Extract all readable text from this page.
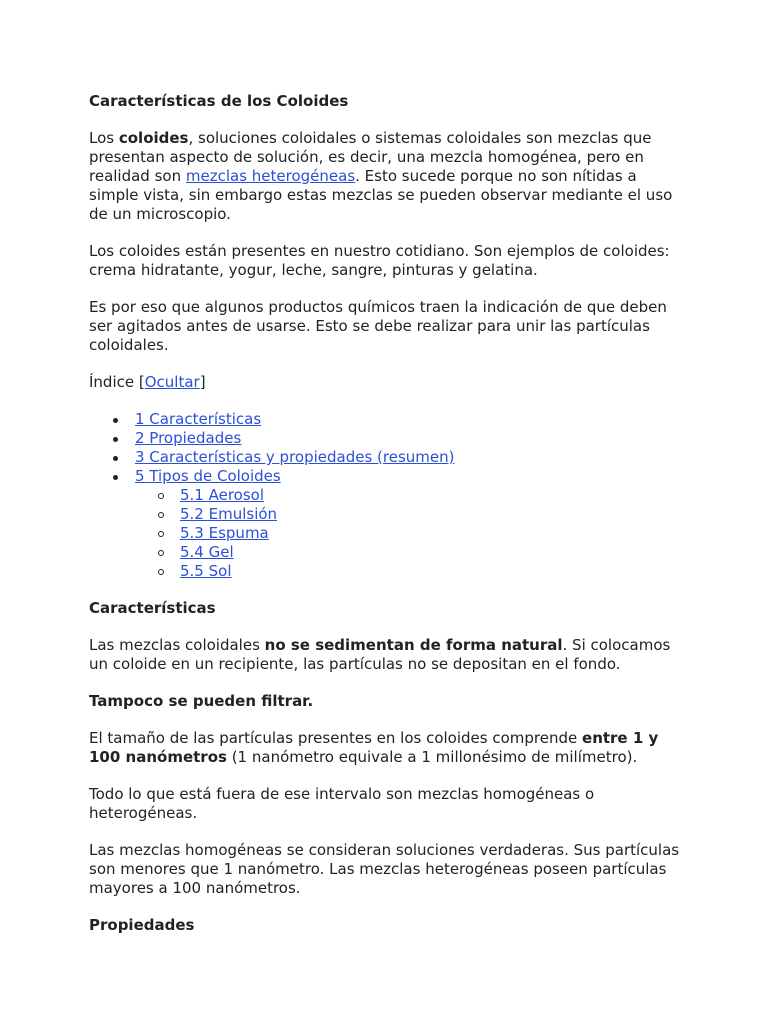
Características de los Coloides

Los coloides, soluciones coloidales o sistemas coloidales son mezclas que presentan aspecto de solución, es decir, una mezcla homogénea, pero en realidad son mezclas heterogéneas. Esto sucede porque no son nítidas a simple vista, sin embargo estas mezclas se pueden observar mediante el uso de un microscopio.

Los coloides están presentes en nuestro cotidiano. Son ejemplos de coloides: crema hidratante, yogur, leche, sangre, pinturas y gelatina.

Es por eso que algunos productos químicos traen la indicación de que deben ser agitados antes de usarse. Esto se debe realizar para unir las partículas coloidales.

Índice [Ocultar]

1 Características
2 Propiedades
3 Características y propiedades (resumen)
5 Tipos de Coloides
5.1 Aerosol
5.2 Emulsión
5.3 Espuma
5.4 Gel
5.5 Sol
Características

Las mezclas coloidales no se sedimentan de forma natural. Si colocamos un coloide en un recipiente, las partículas no se depositan en el fondo.

Tampoco se pueden filtrar.

El tamaño de las partículas presentes en los coloides comprende entre 1 y 100 nanómetros (1 nanómetro equivale a 1 millonésimo de milímetro).

Todo lo que está fuera de ese intervalo son mezclas homogéneas o heterogéneas.

Las mezclas homogéneas se consideran soluciones verdaderas. Sus partículas son menores que 1 nanómetro. Las mezclas heterogéneas poseen partículas mayores a 100 nanómetros.

Propiedades
